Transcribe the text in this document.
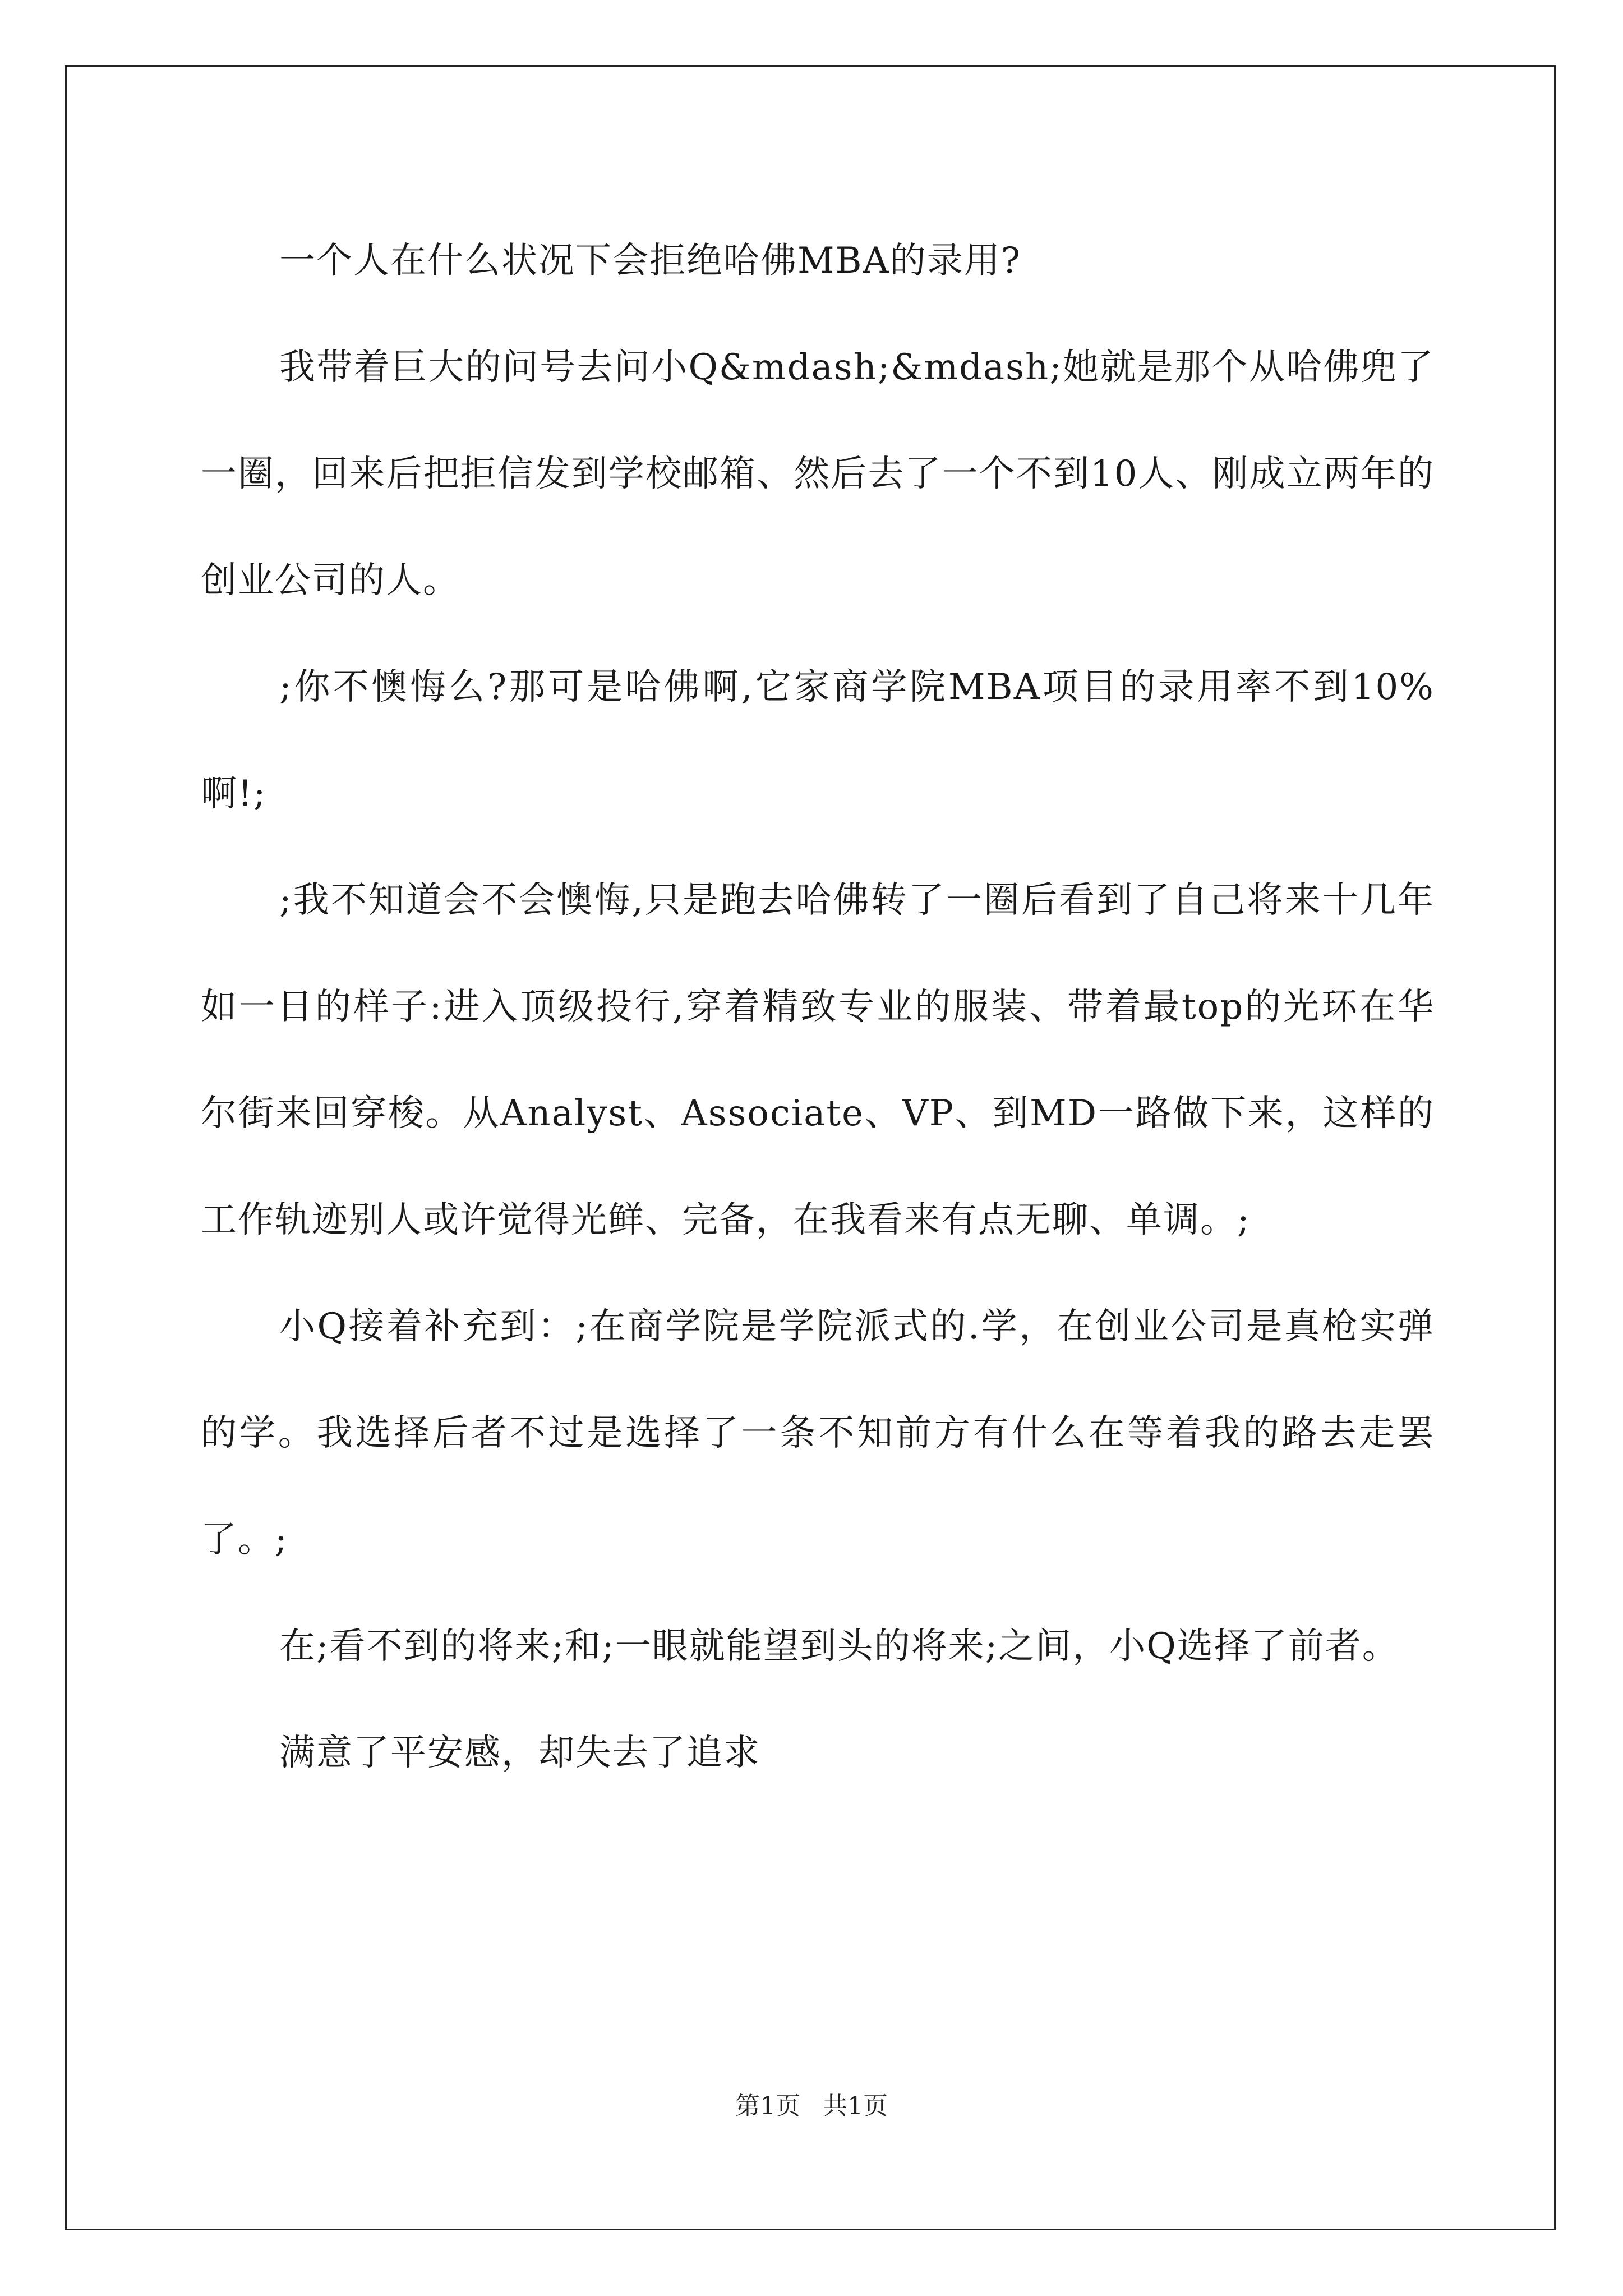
一个人在什么状况下会拒绝哈佛MBA的录用?

我带着巨大的问号去问小Q&mdash;&mdash;她就是那个从哈佛兜了一圈，回来后把拒信发到学校邮箱、然后去了一个不到10人、刚成立两年的创业公司的人。

;你不懊悔么?那可是哈佛啊,它家商学院MBA项目的录用率不到10%啊!;

;我不知道会不会懊悔,只是跑去哈佛转了一圈后看到了自己将来十几年如一日的样子:进入顶级投行,穿着精致专业的服装、带着最top的光环在华尔街来回穿梭。从Analyst、Associate、VP、到MD一路做下来，这样的工作轨迹别人或许觉得光鲜、完备，在我看来有点无聊、单调。;

小Q接着补充到：;在商学院是学院派式的.学，在创业公司是真枪实弹的学。我选择后者不过是选择了一条不知前方有什么在等着我的路去走罢了。;

在;看不到的将来;和;一眼就能望到头的将来;之间，小Q选择了前者。

满意了平安感，却失去了追求

第1页 共1页
